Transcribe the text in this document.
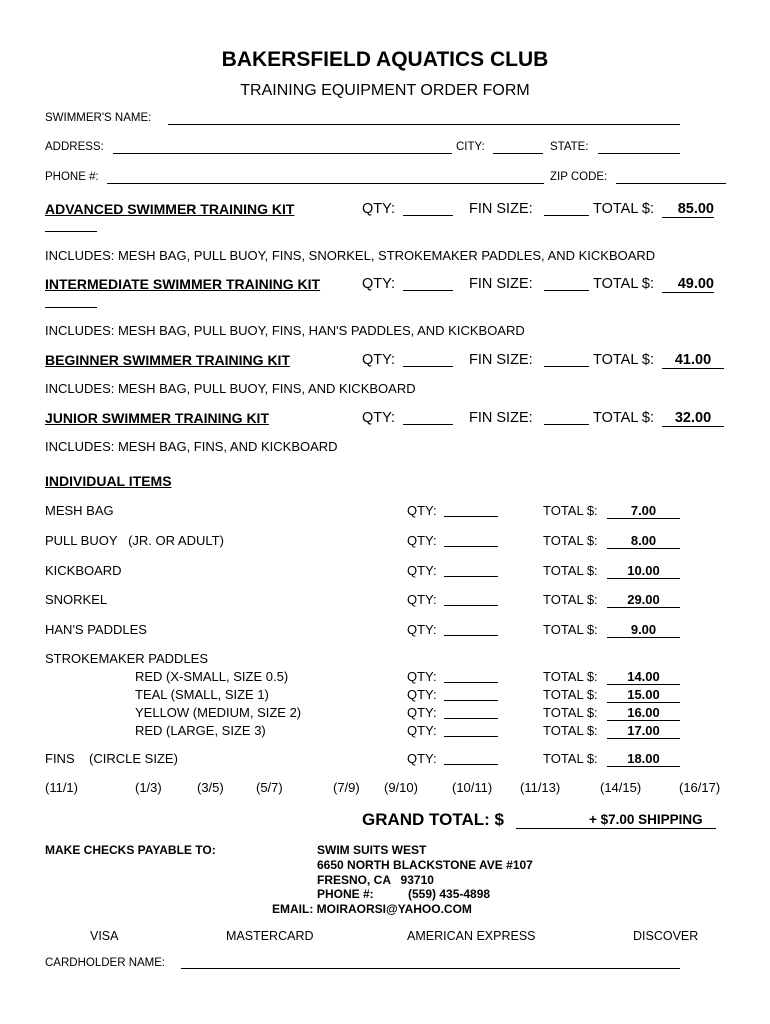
BAKERSFIELD AQUATICS CLUB
TRAINING EQUIPMENT ORDER FORM
SWIMMER'S NAME:
ADDRESS:	CITY:	STATE:
PHONE #:	ZIP CODE:
ADVANCED SWIMMER TRAINING KIT	QTY:	FIN SIZE:	TOTAL $:	85.00
INCLUDES: MESH BAG, PULL BUOY, FINS, SNORKEL, STROKEMAKER PADDLES, AND KICKBOARD
INTERMEDIATE SWIMMER TRAINING KIT	QTY:	FIN SIZE:	TOTAL $:	49.00
INCLUDES: MESH BAG, PULL BUOY, FINS, HAN'S PADDLES, AND KICKBOARD
BEGINNER SWIMMER TRAINING KIT	QTY:	FIN SIZE:	TOTAL $:	41.00
INCLUDES: MESH BAG, PULL BUOY, FINS, AND KICKBOARD
JUNIOR SWIMMER TRAINING KIT	QTY:	FIN SIZE:	TOTAL $:	32.00
INCLUDES: MESH BAG, FINS, AND KICKBOARD
INDIVIDUAL ITEMS
MESH BAG	QTY:	TOTAL $:	7.00
PULL BUOY   (JR. OR ADULT)	QTY:	TOTAL $:	8.00
KICKBOARD	QTY:	TOTAL $:	10.00
SNORKEL	QTY:	TOTAL $:	29.00
HAN'S PADDLES	QTY:	TOTAL $:	9.00
STROKEMAKER PADDLES
RED (X-SMALL, SIZE 0.5)	QTY:	TOTAL $:	14.00
TEAL (SMALL, SIZE 1)	QTY:	TOTAL $:	15.00
YELLOW (MEDIUM, SIZE 2)	QTY:	TOTAL $:	16.00
RED (LARGE, SIZE 3)	QTY:	TOTAL $:	17.00
FINS    (CIRCLE SIZE)	QTY:	TOTAL $:	18.00
(11/1)	(1/3)	(3/5) (5/7)	(7/9) (9/10)	(10/11) (11/13)	(14/15)	(16/17)
GRAND TOTAL: $	+ $7.00 SHIPPING
MAKE CHECKS PAYABLE TO:	SWIM SUITS WEST
6650 NORTH BLACKSTONE AVE #107
FRESNO, CA   93710
PHONE #:	(559) 435-4898
EMAIL: MOIRAORSI@YAHOO.COM
VISA	MASTERCARD	AMERICAN EXPRESS	DISCOVER
CARDHOLDER NAME:
